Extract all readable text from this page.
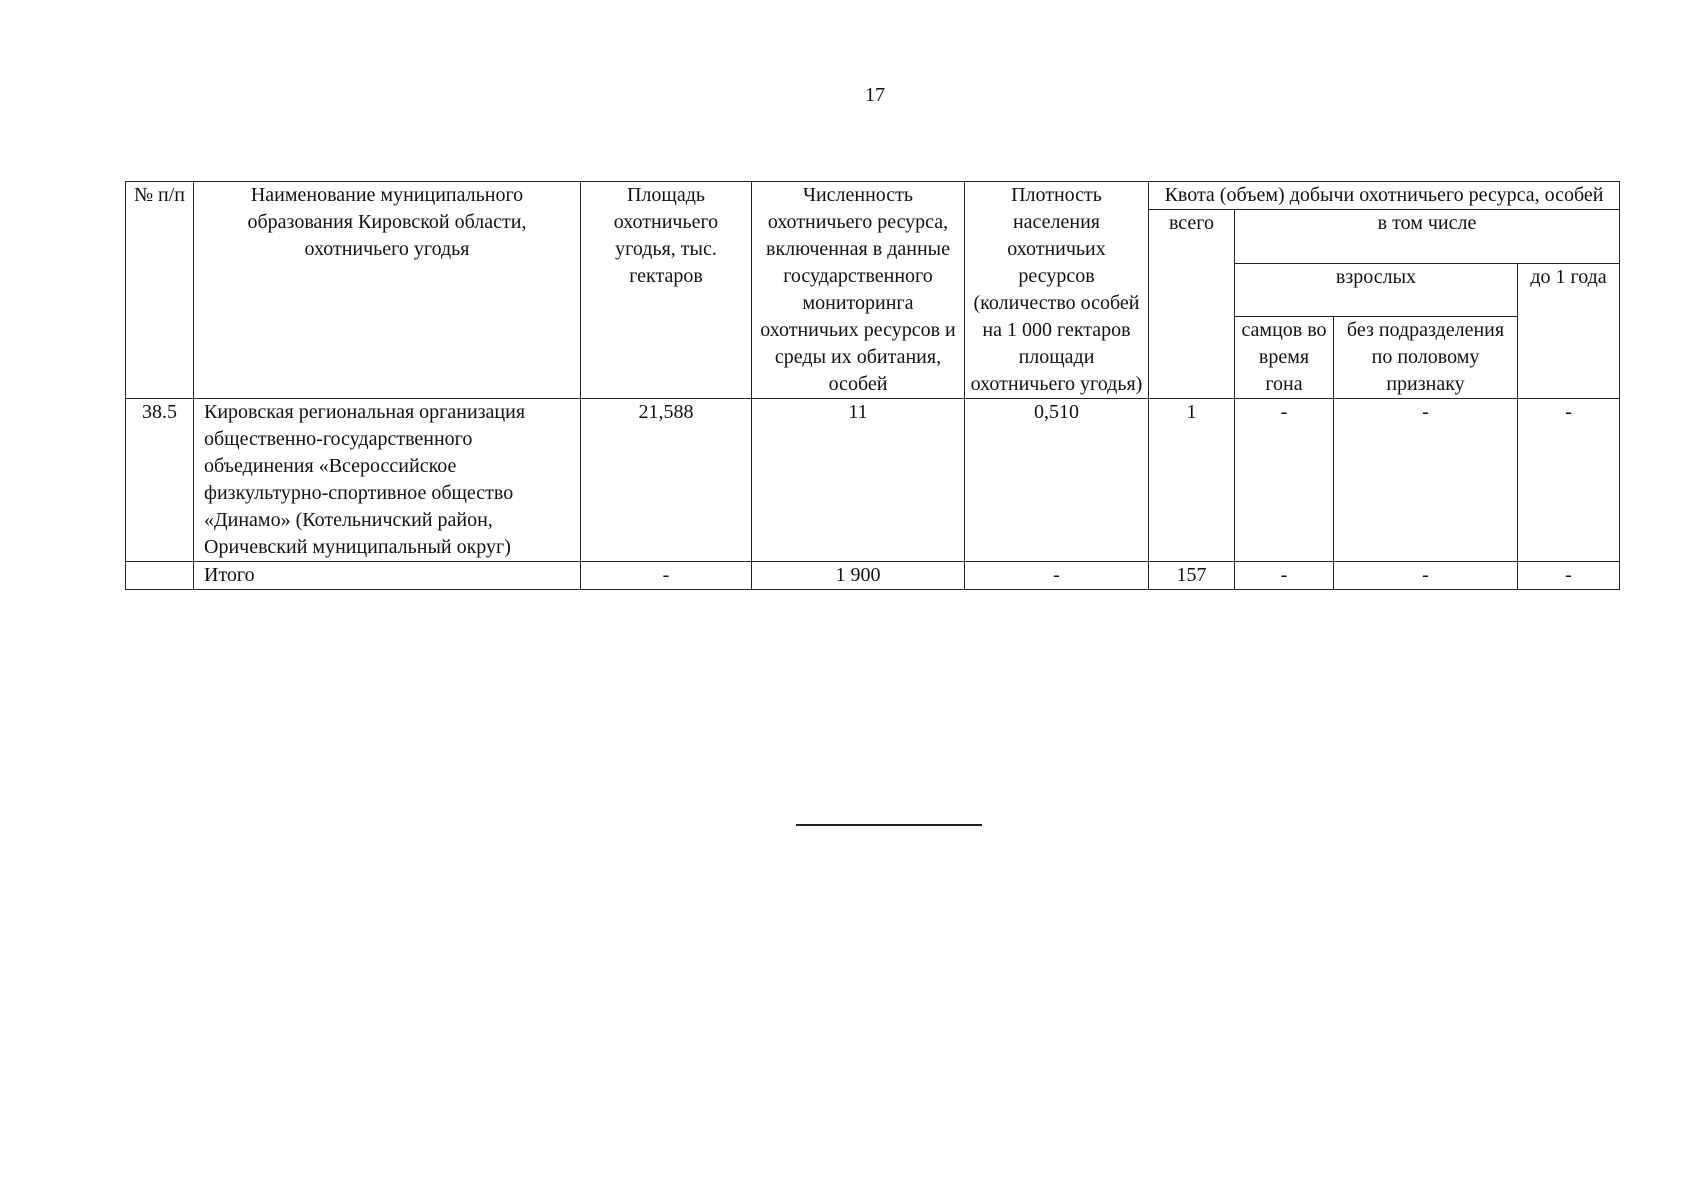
17
№ п/п	Наименование муниципального образования Кировской области, охотничьего угодья	Площадь охотничьего угодья, тыс. гектаров	Численность охотничьего ресурса, включенная в данные государственного мониторинга охотничьих ресурсов и среды их обитания, особей	Плотность населения охотничьих ресурсов (количество особей на 1 000 гектаров площади охотничьего угодья)	Квота (объем) добычи охотничьего ресурса, особей			
					всего	в том числе		
						взрослых		до 1 года
						самцов во время гона	без подразделения по половому признаку	
38.5	Кировская региональная организация общественно-государственного объединения «Всероссийское физкультурно-спортивное общество «Динамо» (Котельничский район, Оричевский муниципальный округ)	21,588	11	0,510	1	-	-	-
	Итого	-	1 900	-	157	-	-	-
